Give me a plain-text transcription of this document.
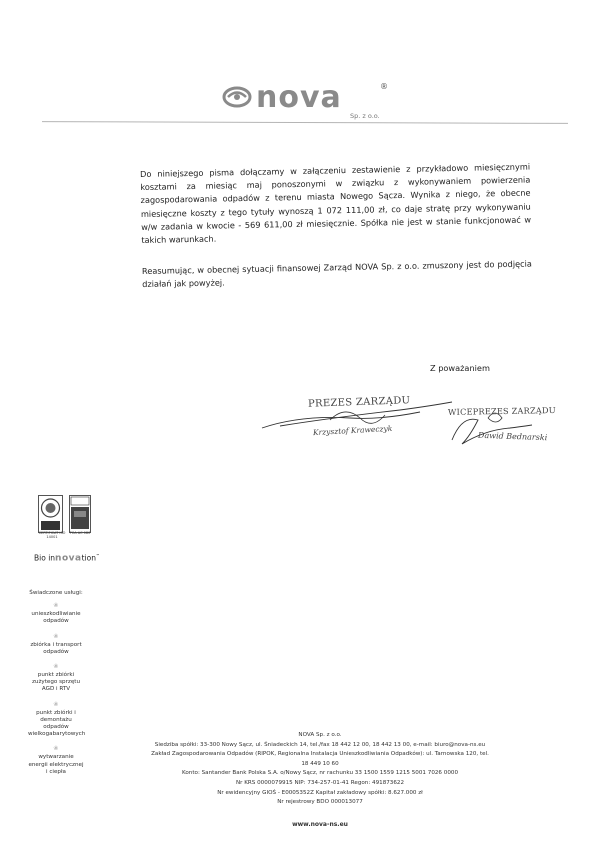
nova	®
Sp. z o.o.

Do niniejszego pisma dołączamy w załączeniu zestawienie z przykładowo miesięcznymi kosztami za miesiąc maj ponoszonymi w związku z wykonywaniem powierzenia zagospodarowania odpadów z terenu miasta Nowego Sącza. Wynika z niego, że obecne miesięczne koszty z tego tytuły wynoszą 1 072 111,00 zł, co daje stratę przy wykonywaniu w/w zadania w kwocie - 569 611,00 zł miesięcznie. Spółka nie jest w stanie funkcjonować w takich warunkach.

Reasumując, w obecnej sytuacji finansowej Zarząd NOVA Sp. z o.o. zmuszony jest do podjęcia działań jak powyżej.

Z poważaniem
PREZES ZARZĄDU
Krzysztof Kraweczyk
WICEPREZES ZARZĄDU
Dawid Bednarski
CERTIFICAT ISO 14001
PCA AC 080
Bio innovation™
Świadczone usługi:
❀
unieszkodliwianie odpadów
❀
zbiórka i transport odpadów
❀
punkt zbiórki zużytego sprzętu AGD i RTV
❀
punkt zbiórki i demontażu odpadów wielkogabarytowych
❀
wytwarzanie energii elektrycznej i ciepła
NOVA Sp. z o.o.
Siedziba spółki: 33-300 Nowy Sącz, ul. Śniadeckich 14, tel./fax 18 442 12 00, 18 442 13 00, e-mail: biuro@nova-ns.eu
Zakład Zagospodarowania Odpadów (RIPOK, Regionalna Instalacja Unieszkodliwiania Odpadków): ul. Tarnowska 120, tel. 18 449 10 60
Konto: Santander Bank Polska S.A. o/Nowy Sącz, nr rachunku 33 1500 1559 1215 5001 7026 0000
Nr KRS 0000079915 NIP: 734-257-01-41 Regon: 491873622
Nr ewidencyjny GIOŚ - E0005352Z Kapitał zakładowy spółki: 8.627.000 zł
Nr rejestrowy BDO 000013077
www.nova-ns.eu
